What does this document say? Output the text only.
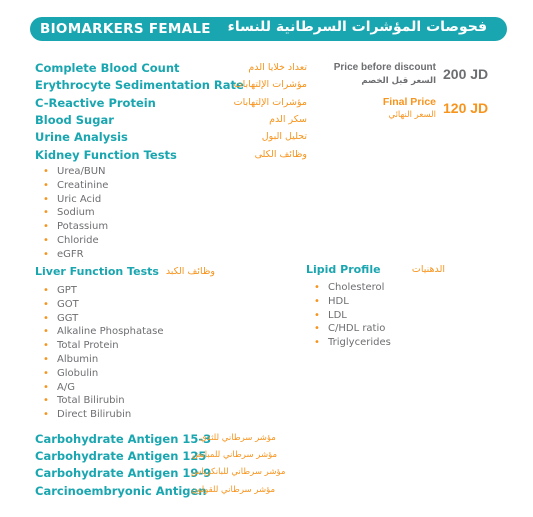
BIOMARKERS FEMALE فحوصات المؤشرات السرطانية للنساء
Complete Blood Count
Erythrocyte Sedimentation Rate
C-Reactive Protein
Blood Sugar
Urine Analysis
Kidney Function Tests
تعداد خلايا الدم
مؤشرات الإلتهابات
مؤشرات الإلتهابات
سكر الدم
تحليل البول
وظائف الكلى
• Urea/BUN
• Creatinine
• Uric Acid
• Sodium
• Potassium
• Chloride
• eGFR
Liver Function Tests وظائف الكبد
• GPT
• GOT
• GGT
• Alkaline Phosphatase
• Total Protein
• Albumin
• Globulin
• A/G
• Total Bilirubin
• Direct Bilirubin
Lipid Profile	الدهنيات
• Cholesterol
• HDL
• LDL
• C/HDL ratio
• Triglycerides
Price before discount
السعر قبل الخصم 200 JD
Final Price
السعر النهائي 120 JD
Carbohydrate Antigen 15-3
مؤشر سرطاني للثدي
Carbohydrate Antigen 125
مؤشر سرطاني للمبايض
Carbohydrate Antigen 19-9
مؤشر سرطاني للبانكرياس
Carcinoembryonic Antigen
مؤشر سرطاني للقولون
